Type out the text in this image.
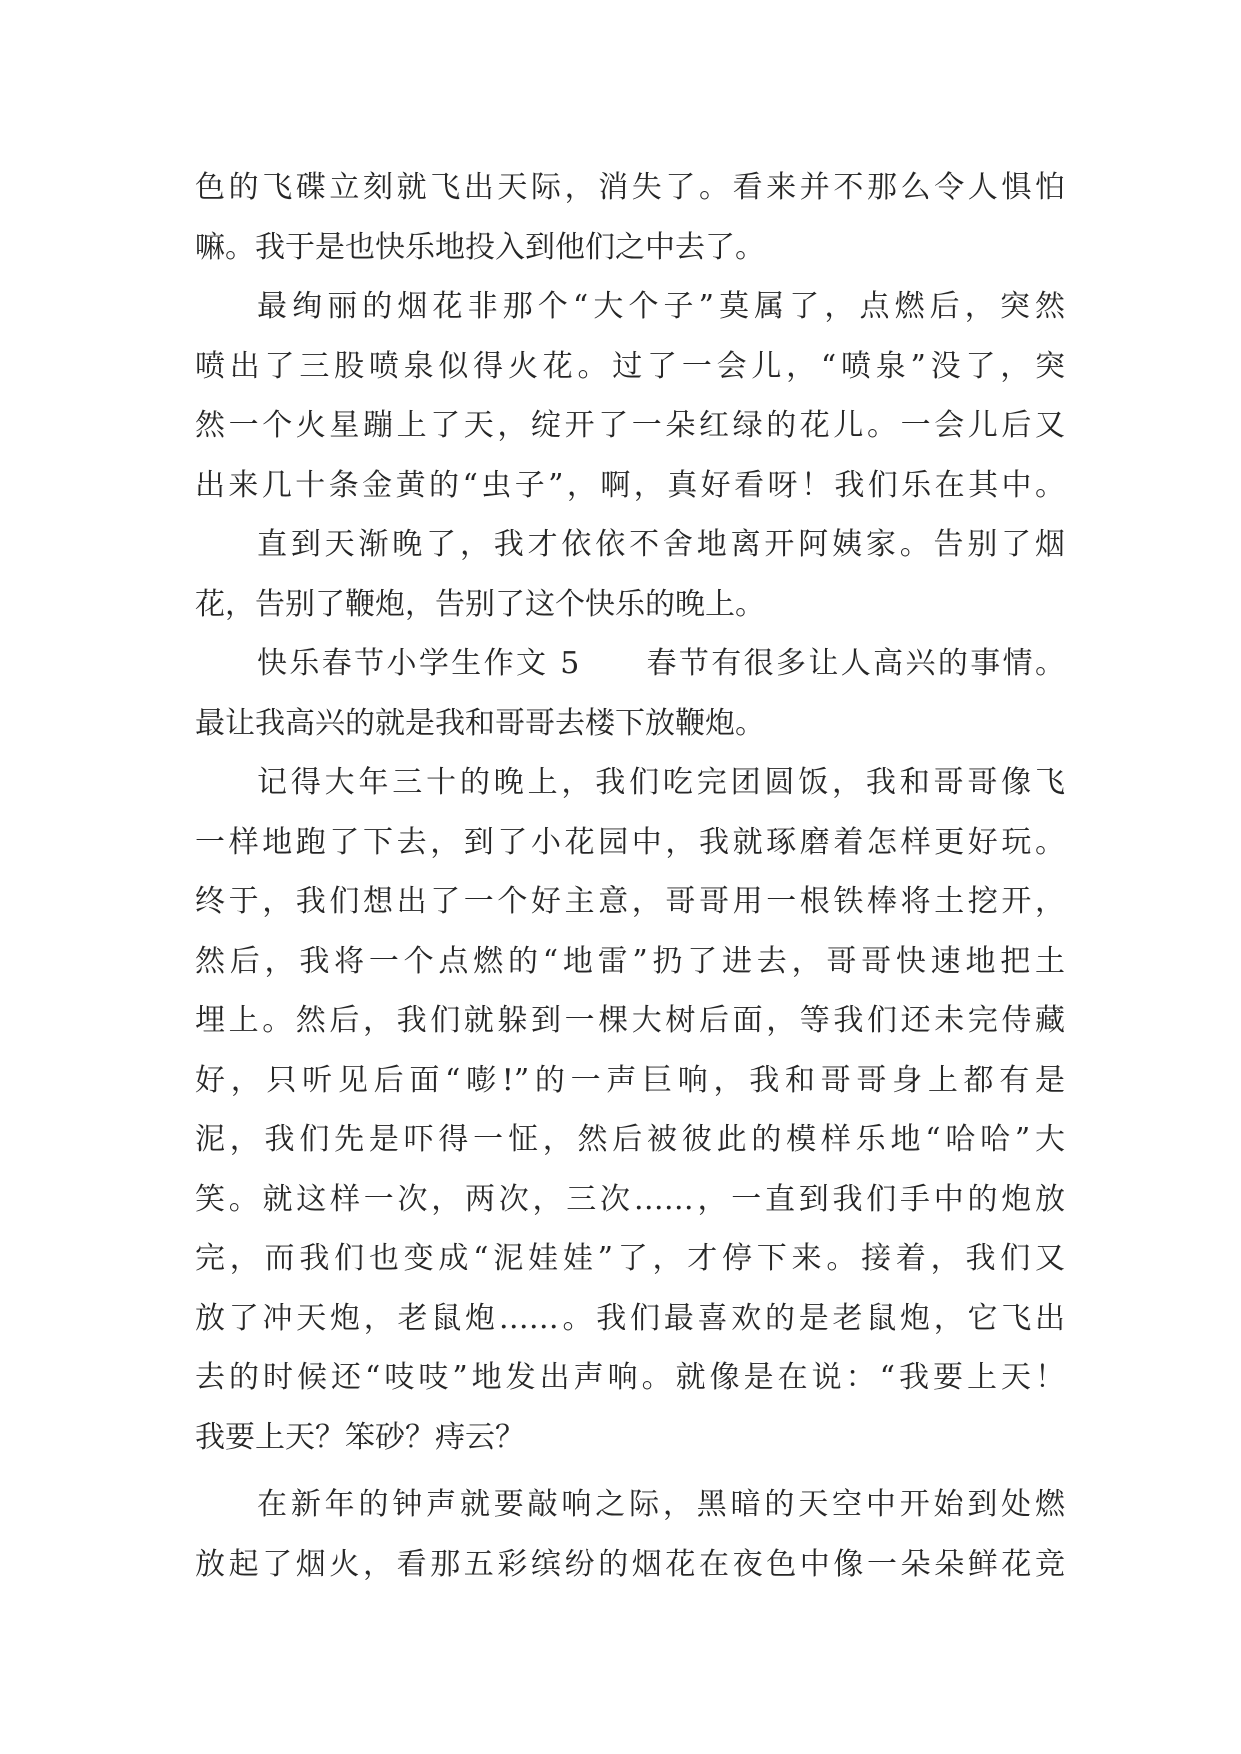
色的飞碟立刻就飞出天际，消失了。看来并不那么令人惧怕
嘛。我于是也快乐地投入到他们之中去了。
最绚丽的烟花非那个“大个子”莫属了，点燃后，突然
喷出了三股喷泉似得火花。过了一会儿，“喷泉”没了，突
然一个火星蹦上了天，绽开了一朵红绿的花儿。一会儿后又
出来几十条金黄的“虫子”，啊，真好看呀！我们乐在其中。
直到天渐晚了，我才依依不舍地离开阿姨家。告别了烟
花，告别了鞭炮，告别了这个快乐的晚上。
快乐春节小学生作文 5　　春节有很多让人高兴的事情。
最让我高兴的就是我和哥哥去楼下放鞭炮。
记得大年三十的晚上，我们吃完团圆饭，我和哥哥像飞
一样地跑了下去，到了小花园中，我就琢磨着怎样更好玩。
终于，我们想出了一个好主意，哥哥用一根铁棒将土挖开，
然后，我将一个点燃的“地雷”扔了进去，哥哥快速地把土
埋上。然后，我们就躲到一棵大树后面，等我们还未完侍藏
好，只听见后面“嘭!”的一声巨响，我和哥哥身上都有是
泥，我们先是吓得一怔，然后被彼此的模样乐地“哈哈”大
笑。就这样一次，两次，三次……，一直到我们手中的炮放
完，而我们也变成“泥娃娃”了，才停下来。接着，我们又
放了冲天炮，老鼠炮……。我们最喜欢的是老鼠炮，它飞出
去的时候还“吱吱”地发出声响。就像是在说：“我要上天！
我要上天？笨砂？痔云？
在新年的钟声就要敲响之际，黑暗的天空中开始到处燃
放起了烟火，看那五彩缤纷的烟花在夜色中像一朵朵鲜花竞
